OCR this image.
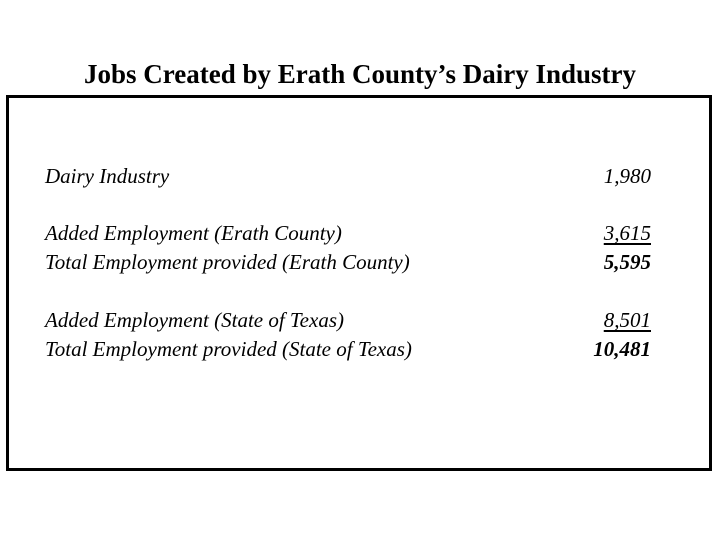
Jobs Created by Erath County’s Dairy Industry
Dairy Industry	1,980
Added Employment (Erath County)	3,615
Total Employment provided (Erath County)	5,595
Added Employment (State of Texas)	8,501
Total Employment provided (State of Texas)	10,481
